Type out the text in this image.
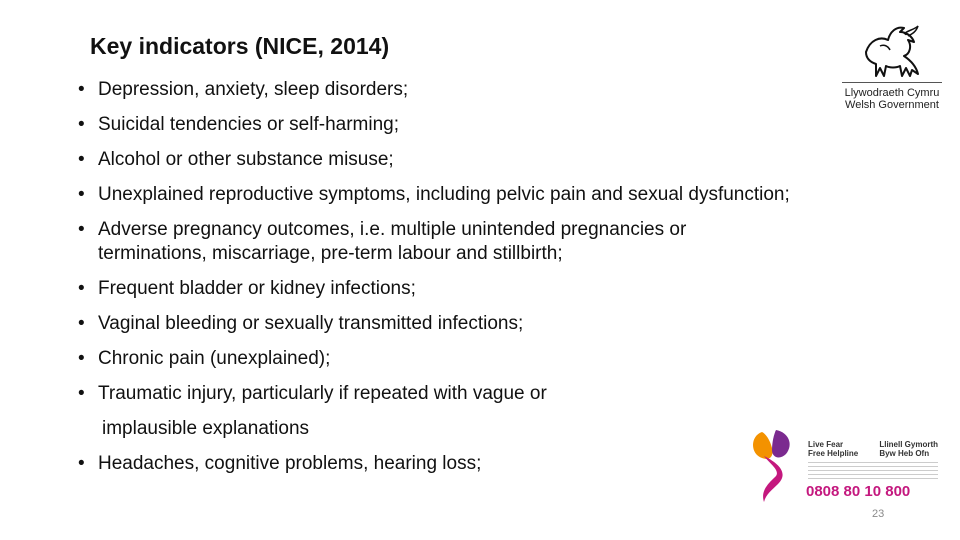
Key indicators (NICE, 2014)
• Depression, anxiety, sleep disorders;
• Suicidal tendencies or self-harming;
• Alcohol or other substance misuse;
• Unexplained reproductive symptoms, including pelvic pain and sexual dysfunction;
• Adverse pregnancy outcomes, i.e. multiple unintended pregnancies or terminations, miscarriage, pre-term labour and stillbirth;
• Frequent bladder or kidney infections;
• Vaginal bleeding or sexually transmitted infections;
• Chronic pain (unexplained);
• Traumatic injury, particularly if repeated with vague or
implausible explanations
• Headaches, cognitive problems, hearing loss;
Llywodraeth Cymru
Welsh Government
Live Fear
Free Helpline
Llinell Gymorth
Byw Heb Ofn
0808 80 10 800
23
